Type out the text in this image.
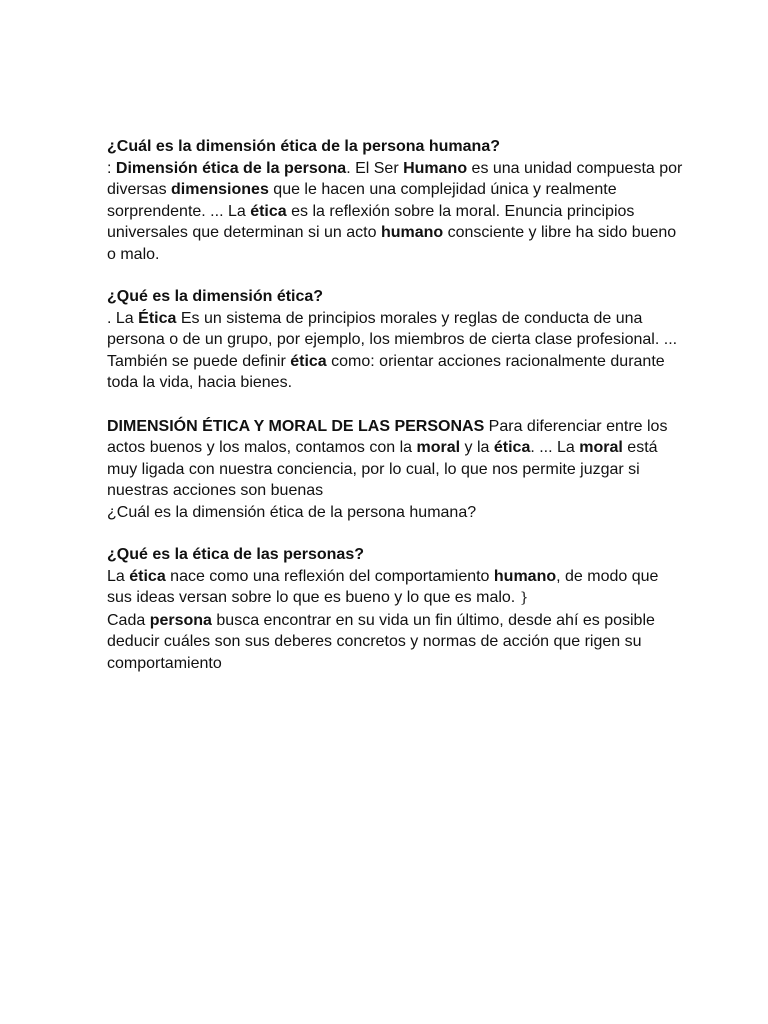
¿Cuál es la dimensión ética de la persona humana?

: Dimensión ética de la persona. El Ser Humano es una unidad compuesta por diversas dimensiones que le hacen una complejidad única y realmente sorprendente. ... La ética es la reflexión sobre la moral. Enuncia principios universales que determinan si un acto humano consciente y libre ha sido bueno o malo.

¿Qué es la dimensión ética?

. La Ética Es un sistema de principios morales y reglas de conducta de una persona o de un grupo, por ejemplo, los miembros de cierta clase profesional. ... También se puede definir ética como: orientar acciones racionalmente durante toda la vida, hacia bienes.

DIMENSIÓN ÉTICA Y MORAL DE LAS PERSONAS Para diferenciar entre los actos buenos y los malos, contamos con la moral y la ética. ... La moral está muy ligada con nuestra conciencia, por lo cual, lo que nos permite juzgar si nuestras acciones son buenas
¿Cuál es la dimensión ética de la persona humana?

¿Qué es la ética de las personas?

La ética nace como una reflexión del comportamiento humano, de modo que sus ideas versan sobre lo que es bueno y lo que es malo. }
Cada persona busca encontrar en su vida un fin último, desde ahí es posible deducir cuáles son sus deberes concretos y normas de acción que rigen su comportamiento
